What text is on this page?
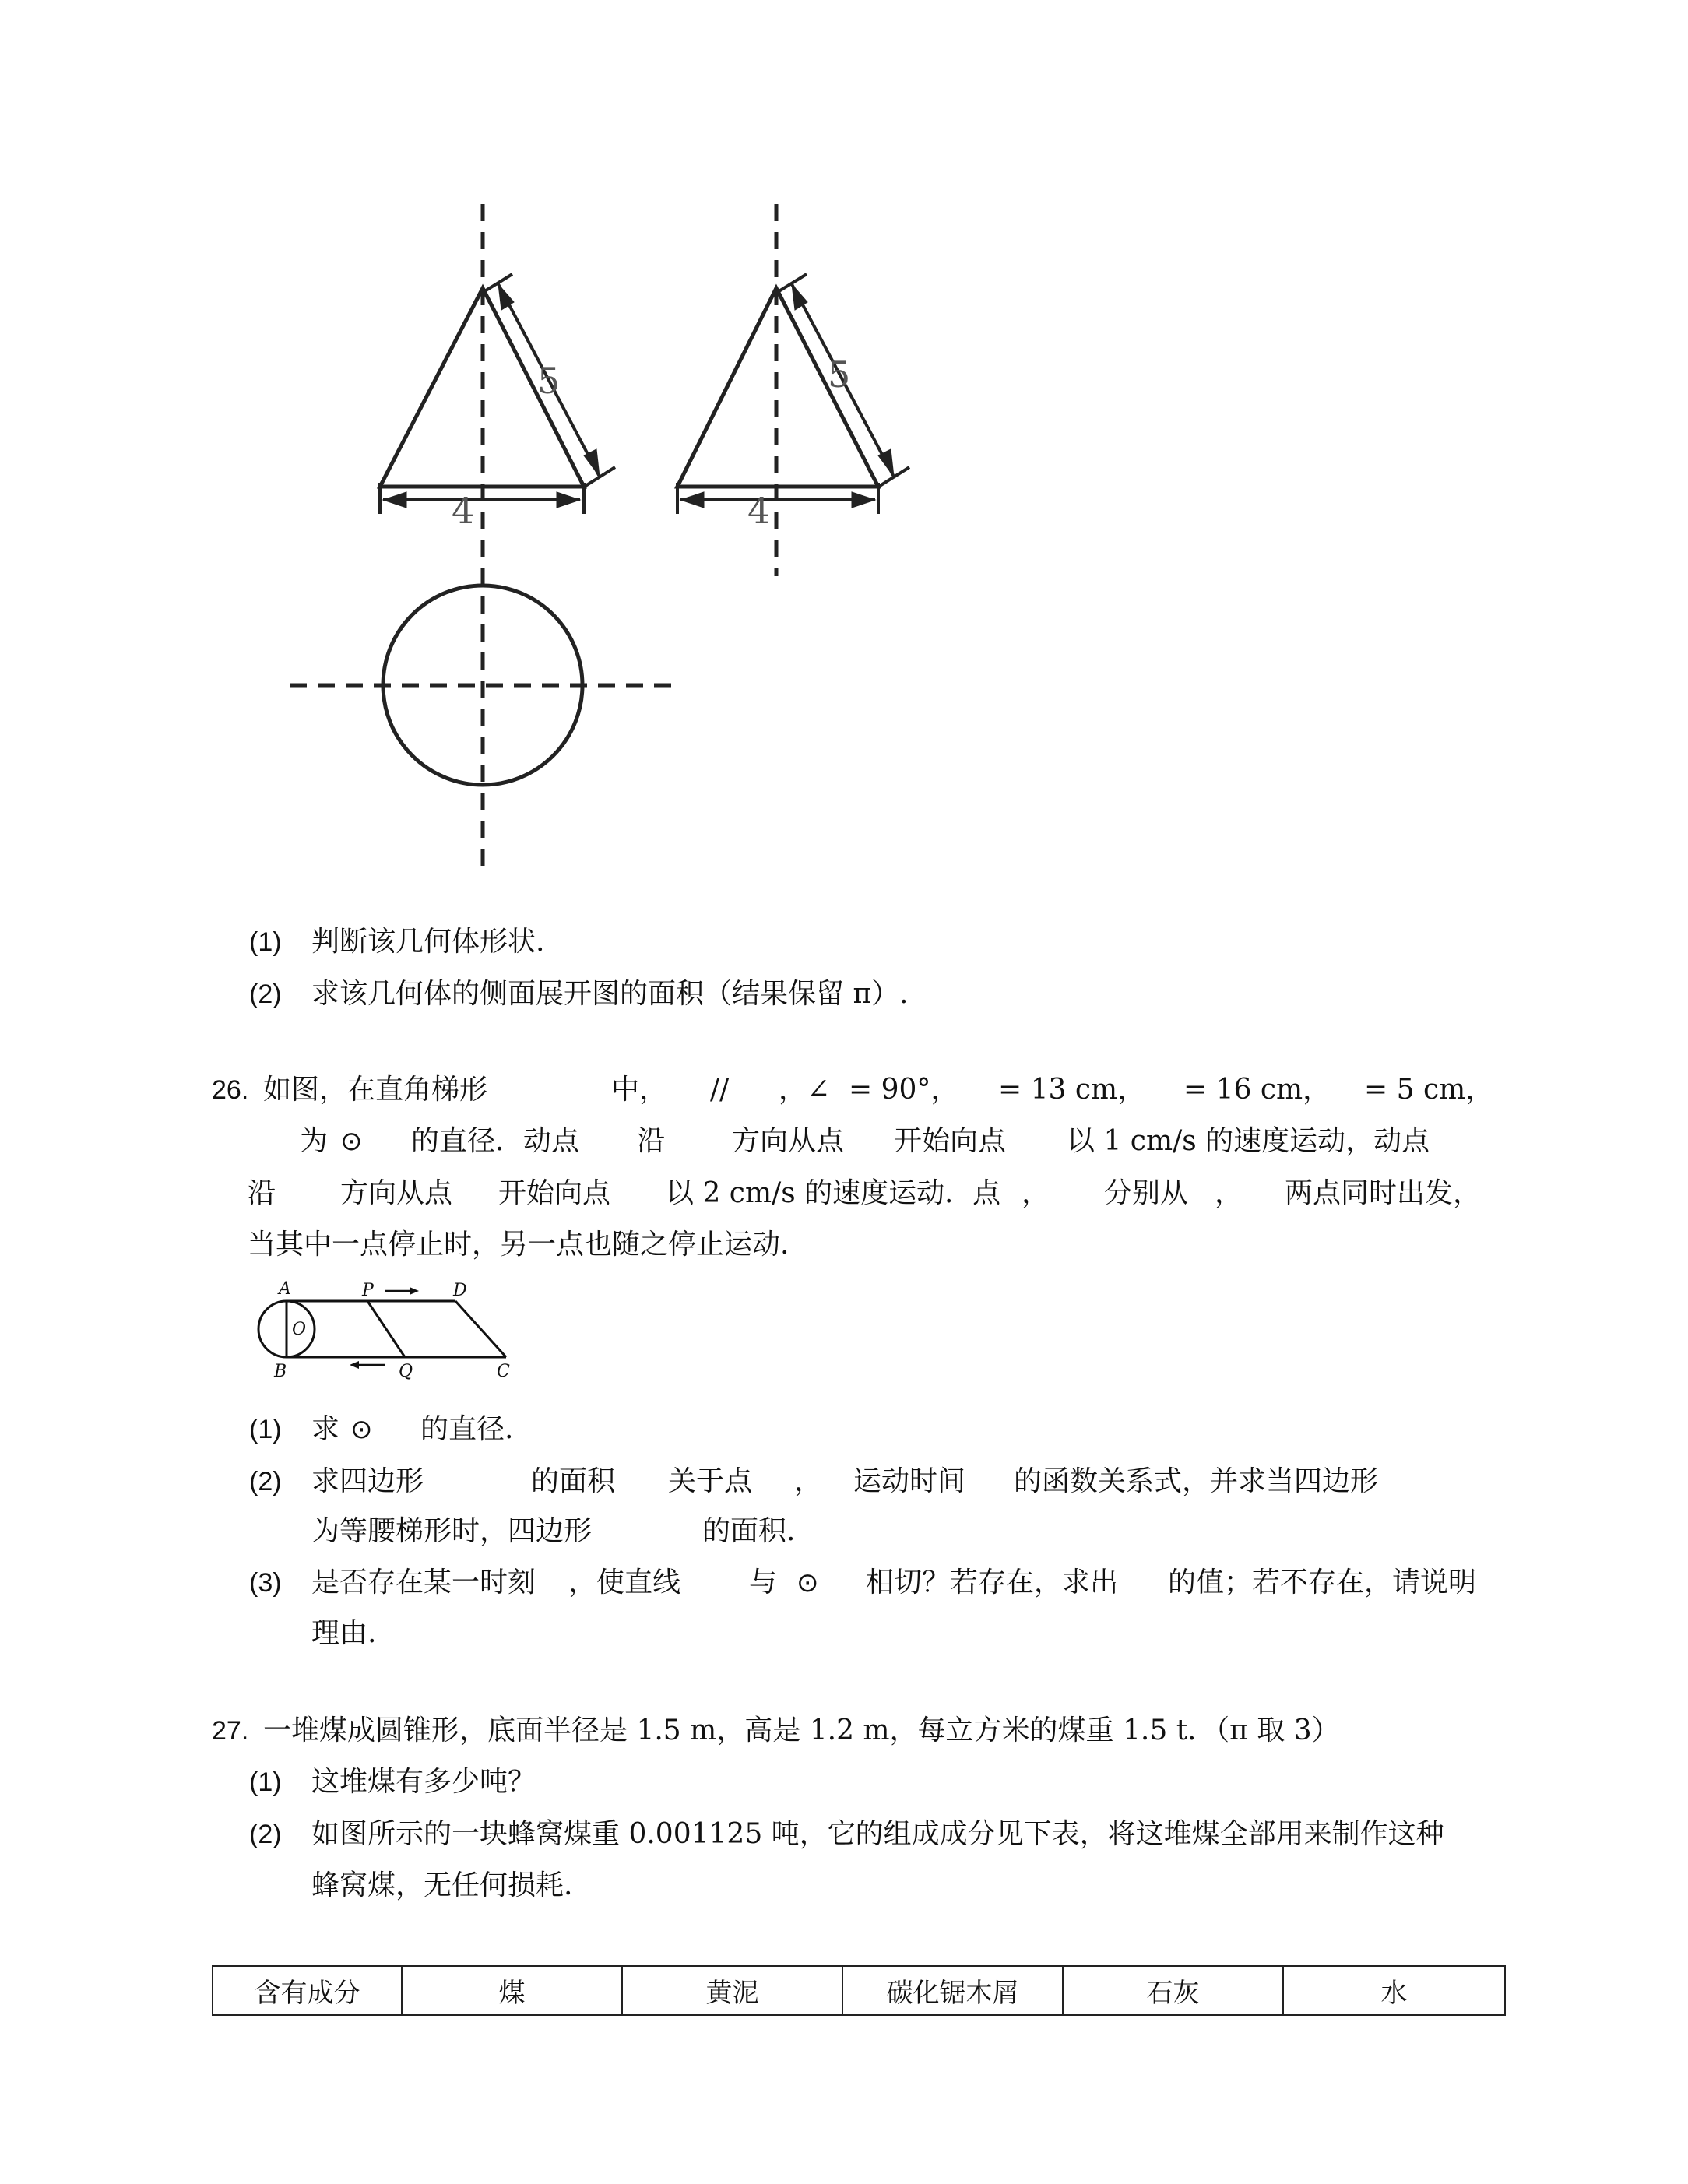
5
4
5
4
(1) 判断该几何体形状.
(2) 求该几何体的侧面展开图的面积（结果保留 π）.
26. 如图，在直角梯形	中， // ，∠ = 90°， = 13 cm， = 16 cm， = 5 cm，
为 ⊙ 的直径．动点 沿 方向从点 开始向点 以 1 cm/s 的速度运动，动点
沿 方向从点 开始向点 以 2 cm/s 的速度运动．点 ， 分别从 ， 两点同时出发，
当其中一点停止时，另一点也随之停止运动.
A	P	D
O
B	Q	C
(1) 求 ⊙ 的直径.
(2) 求四边形	的面积 关于点 ， 运动时间 的函数关系式，并求当四边形
为等腰梯形时，四边形	的面积.
(3) 是否存在某一时刻 ，使直线 与 ⊙ 相切？若存在，求出 的值；若不存在，请说明
理由.
27. 一堆煤成圆锥形，底面半径是 1.5 m，高是 1.2 m，每立方米的煤重 1.5 t．（π 取 3）
(1) 这堆煤有多少吨？
(2) 如图所示的一块蜂窝煤重 0.001125 吨，它的组成成分见下表，将这堆煤全部用来制作这种
蜂窝煤，无任何损耗.
含有成分	煤	黄泥	碳化锯木屑	石灰	水
